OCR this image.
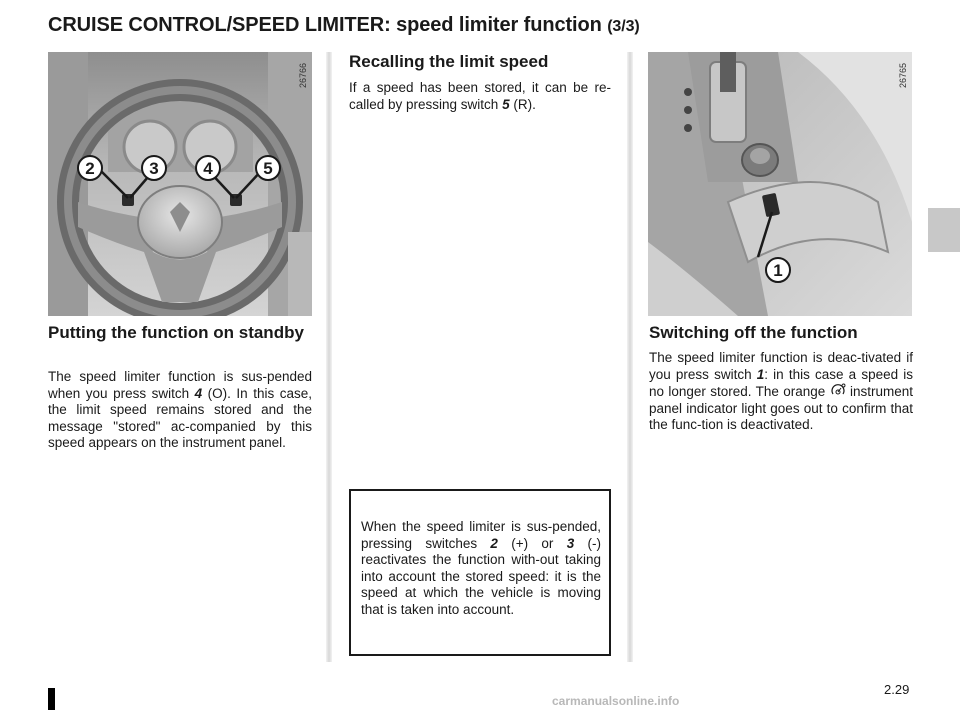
CRUISE CONTROL/SPEED LIMITER: speed limiter function (3/3)
2	3	4	5
26766
Putting the function on standby

The speed limiter function is sus-pended when you press switch 4 (O). In this case, the limit speed remains stored and the message "stored" ac-companied by this speed appears on the instrument panel.

Recalling the limit speed

If a speed has been stored, it can be re-called by pressing switch 5 (R).

When the speed limiter is sus-pended, pressing switches 2 (+) or 3 (-) reactivates the function with-out taking into account the stored speed: it is the speed at which the vehicle is moving that is taken into account.

1
26765
Switching off the function

The speed limiter function is deac-tivated if you press switch 1: in this case a speed is no longer stored. The orange  instrument panel indicator light goes out to confirm that the func-tion is deactivated.

2.29
carmanualsonline.info
